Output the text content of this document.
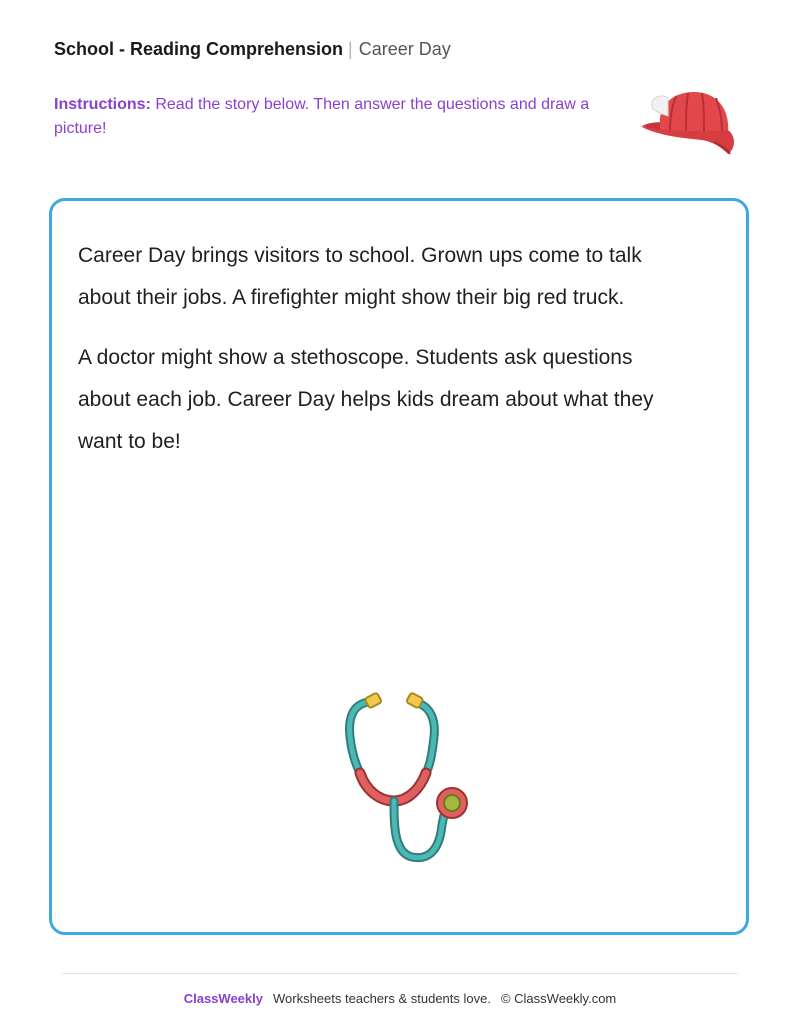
School - Reading Comprehension | Career Day
Instructions: Read the story below. Then answer the questions and draw a picture!

Career Day brings visitors to school. Grown ups come to talk about their jobs. A firefighter might show their big red truck.

A doctor might show a stethoscope. Students ask questions about each job. Career Day helps kids dream about what they want to be!

ClassWeekly Worksheets teachers & students love. © ClassWeekly.com
